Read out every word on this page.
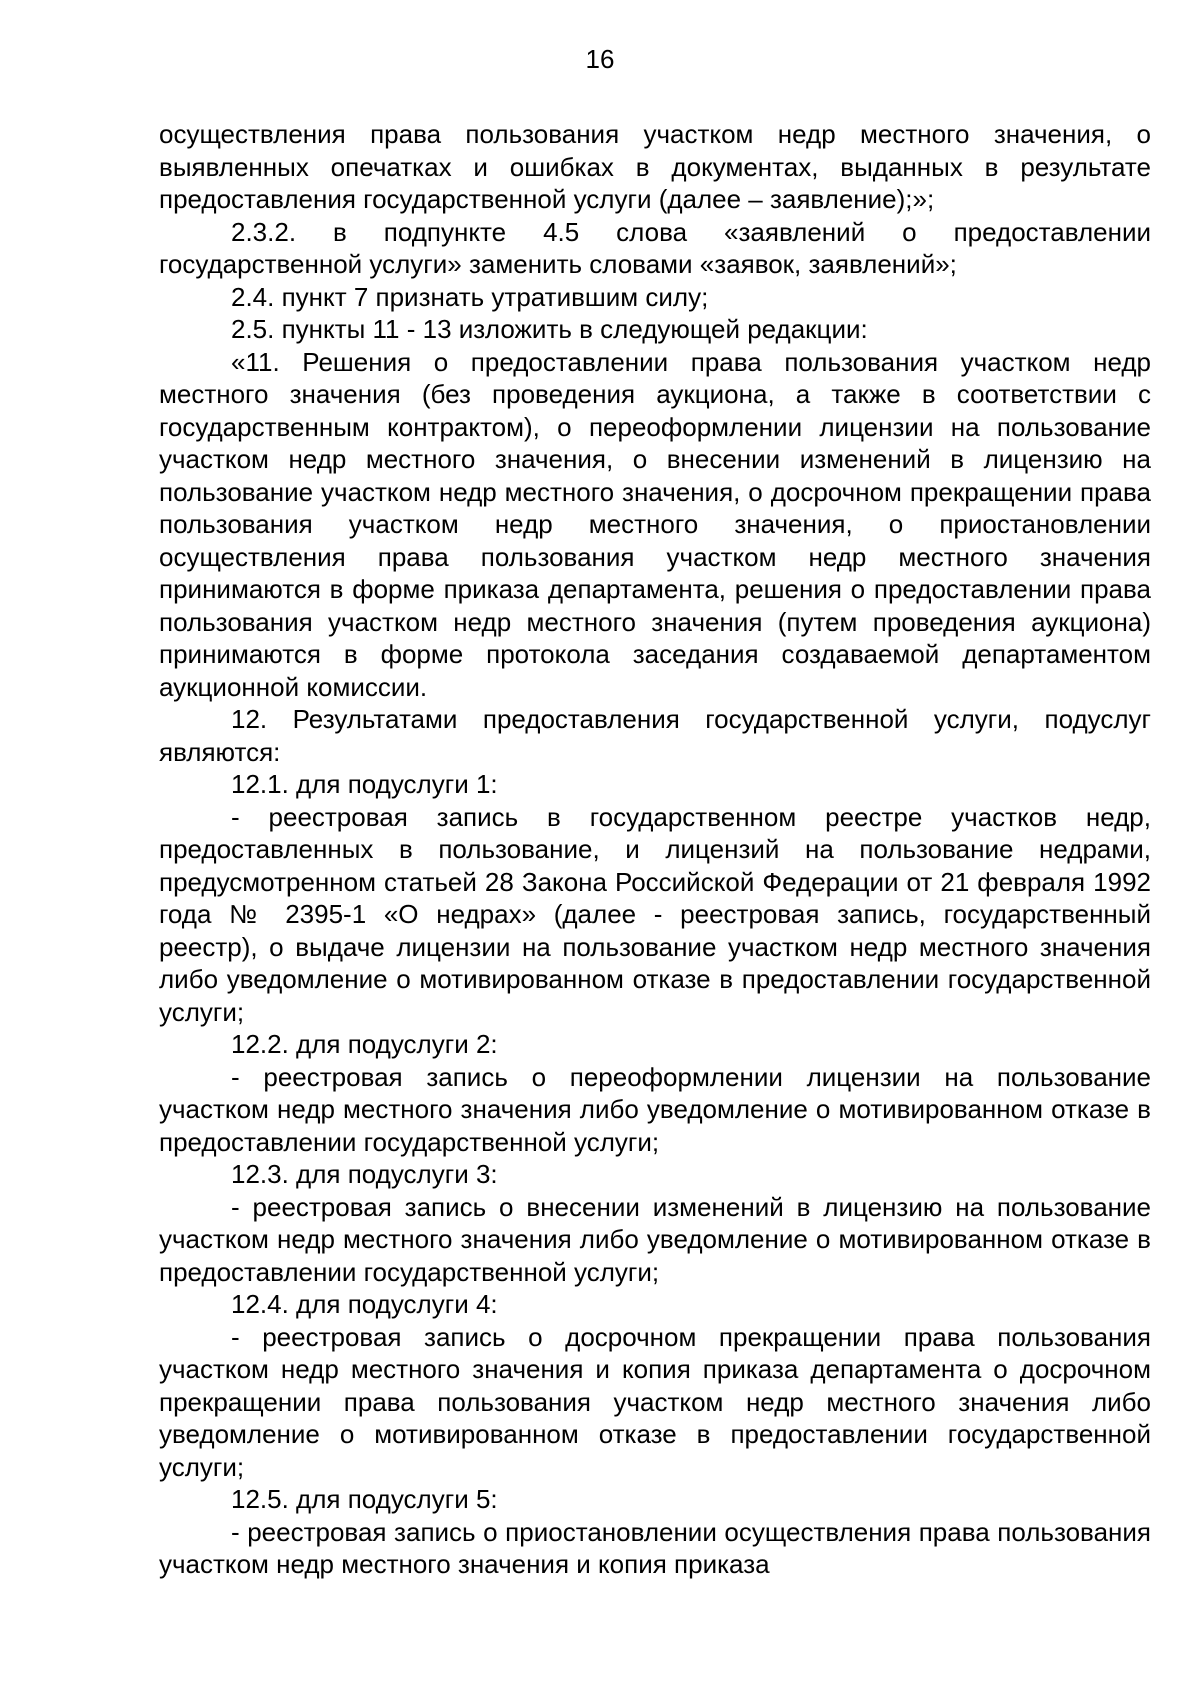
16

осуществления права пользования участком недр местного значения, о выявленных опечатках и ошибках в документах, выданных в результате предоставления государственной услуги (далее – заявление);»;

2.3.2. в подпункте 4.5 слова «заявлений о предоставлении государственной услуги» заменить словами «заявок, заявлений»;

2.4. пункт 7 признать утратившим силу;

2.5. пункты 11 - 13 изложить в следующей редакции:

«11. Решения о предоставлении права пользования участком недр местного значения (без проведения аукциона, а также в соответствии с государственным контрактом), о переоформлении лицензии на пользование участком недр местного значения, о внесении изменений в лицензию на пользование участком недр местного значения, о досрочном прекращении права пользования участком недр местного значения, о приостановлении осуществления права пользования участком недр местного значения принимаются в форме приказа департамента, решения о предоставлении права пользования участком недр местного значения (путем проведения аукциона) принимаются в форме протокола заседания создаваемой департаментом аукционной комиссии.

12. Результатами предоставления государственной услуги, подуслуг являются:

12.1. для подуслуги 1:

- реестровая запись в государственном реестре участков недр, предоставленных в пользование, и лицензий на пользование недрами, предусмотренном статьей 28 Закона Российской Федерации от 21 февраля 1992 года № 2395-1 «О недрах» (далее - реестровая запись, государственный реестр), о выдаче лицензии на пользование участком недр местного значения либо уведомление о мотивированном отказе в предоставлении государственной услуги;

12.2. для подуслуги 2:

- реестровая запись о переоформлении лицензии на пользование участком недр местного значения либо уведомление о мотивированном отказе в предоставлении государственной услуги;

12.3. для подуслуги 3:

- реестровая запись о внесении изменений в лицензию на пользование участком недр местного значения либо уведомление о мотивированном отказе в предоставлении государственной услуги;

12.4. для подуслуги 4:

- реестровая запись о досрочном прекращении права пользования участком недр местного значения и копия приказа департамента о досрочном прекращении права пользования участком недр местного значения либо уведомление о мотивированном отказе в предоставлении государственной услуги;

12.5. для подуслуги 5:

- реестровая запись о приостановлении осуществления права пользования участком недр местного значения и копия приказа
